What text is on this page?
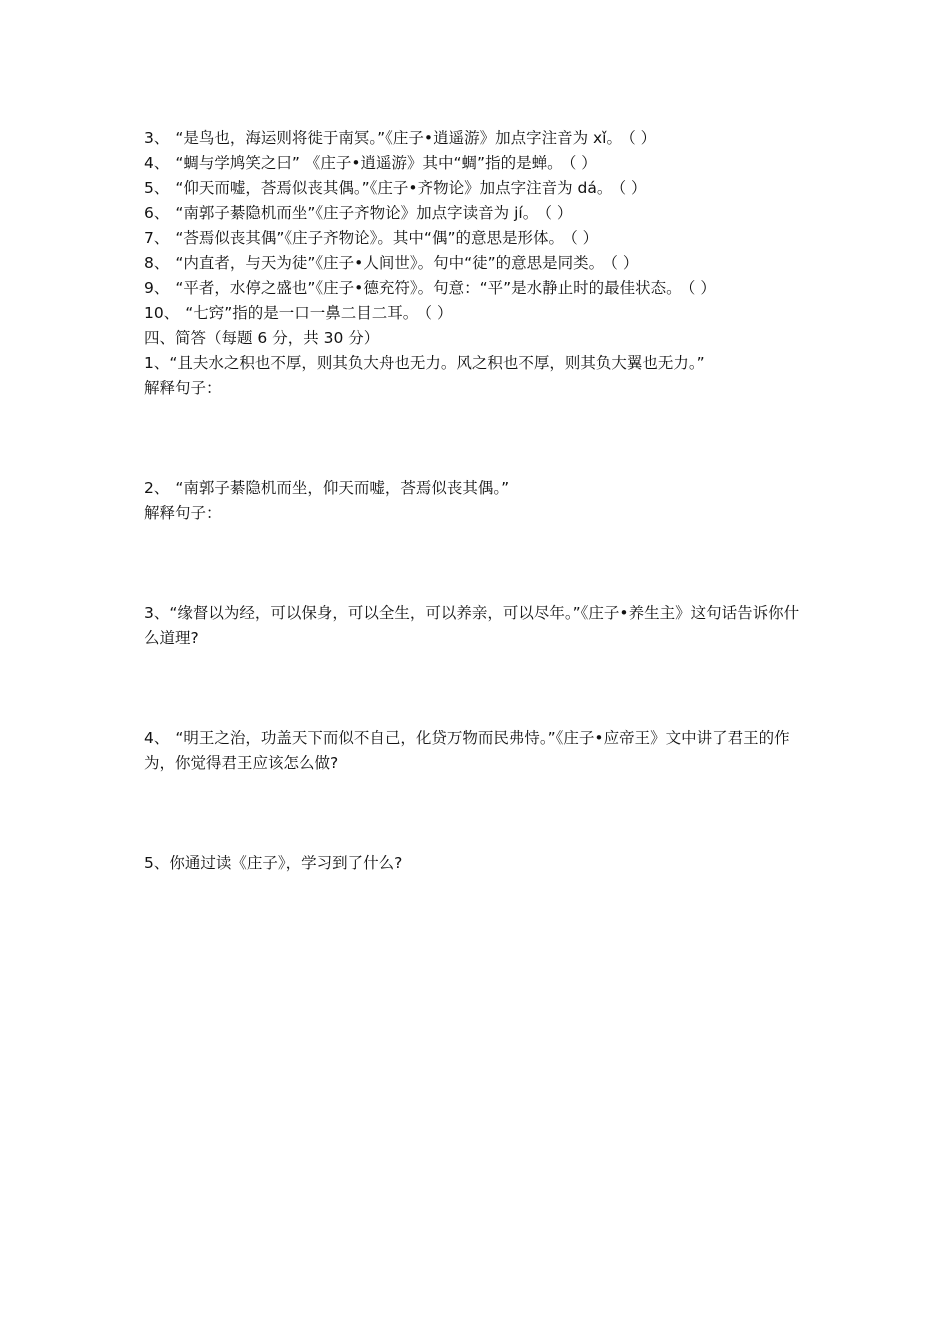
3、 “是鸟也，海运则将徙于南冥。”《庄子•逍遥游》加点字注音为 xǐ。 （ ）
4、 “蜩与学鸠笑之曰” 《庄子•逍遥游》其中“蜩”指的是蝉。 （ ）
5、 “仰天而嘘，荅焉似丧其偶。”《庄子•齐物论》加点字注音为 dá。 （ ）
6、 “南郭子綦隐机而坐”《庄子齐物论》加点字读音为 jí。 （ ）
7、 “荅焉似丧其偶”《庄子齐物论》。其中“偶”的意思是形体。 （ ）
8、 “内直者，与天为徒”《庄子•人间世》。句中“徒”的意思是同类。 （ ）
9、 “平者，水停之盛也”《庄子•德充符》。句意：“平”是水静止时的最佳状态。 （ ）
10、 “七窍”指的是一口一鼻二目二耳。 （ ）
四、简答（每题 6 分，共 30 分）
1、“且夫水之积也不厚，则其负大舟也无力。风之积也不厚，则其负大翼也无力。”
解释句子：
2、 “南郭子綦隐机而坐，仰天而嘘，荅焉似丧其偶。”
解释句子：
3、“缘督以为经，可以保身，可以全生，可以养亲，可以尽年。”《庄子•养生主》这句话告诉你什么道理?
4、 “明王之治，功盖天下而似不自己，化贷万物而民弗恃。”《庄子•应帝王》文中讲了君王的作为，你觉得君王应该怎么做?
5、你通过读《庄子》，学习到了什么?
